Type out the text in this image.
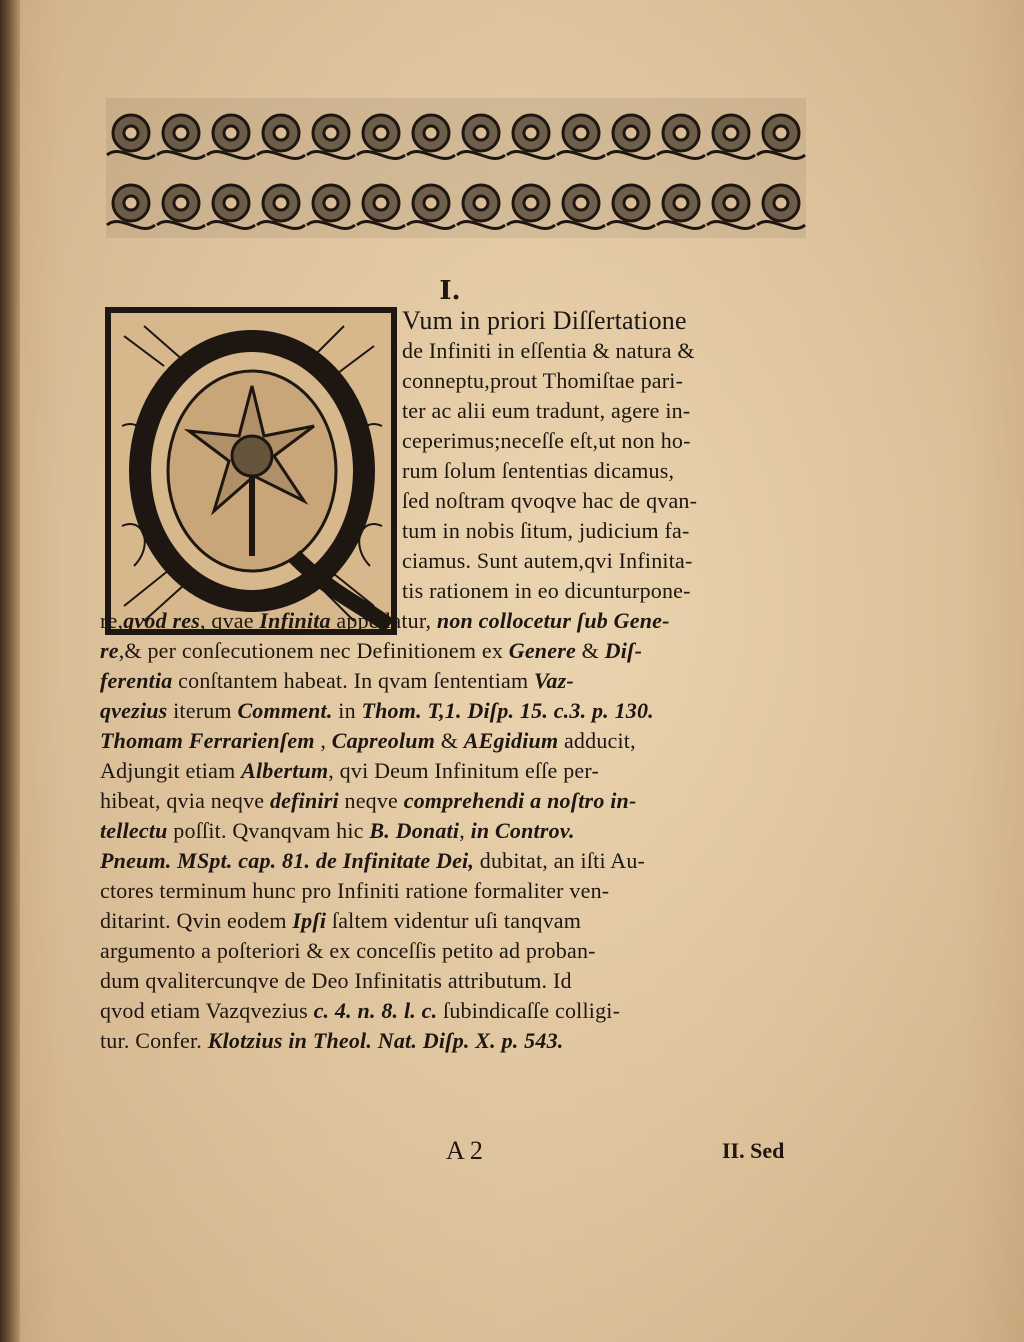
I.
Vum in priori Diſſertatione
de Infiniti in eſſentia & natura &
conneptu,prout Thomiſtae pari-
ter ac alii eum tradunt, agere in-
ceperimus;neceſſe eſt,ut non ho-
rum ſolum ſententias dicamus,
ſed noſtram qvoqve hac de qvan-
tum in nobis ſitum, judicium fa-
ciamus. Sunt autem,qvi Infinita-
tis rationem in eo dicunturpone-
re,qvod res, qvae Infinita appellatur, non collocetur ſub Gene-
re,& per conſecutionem nec Definitionem ex Genere & Diſ-
ferentia conſtantem habeat. In qvam ſententiam Vaz-
qvezius iterum Comment. in Thom. T,1. Diſp. 15. c.3. p. 130.
Thomam Ferrarienſem , Capreolum & AEgidium adducit,
Adjungit etiam Albertum, qvi Deum Infinitum eſſe per-
hibeat, qvia neqve definiri neqve comprehendi a noſtro in-
tellectu poſſit. Qvanqvam hic B. Donati, in Controv.
Pneum. MSpt. cap. 81. de Infinitate Dei, dubitat, an iſti Au-
ctores terminum hunc pro Infiniti ratione formaliter ven-
ditarint. Qvin eodem Ipſi ſaltem videntur uſi tanqvam
argumento a poſteriori & ex conceſſis petito ad proban-
dum qvalitercunqve de Deo Infinitatis attributum. Id
qvod etiam Vazqvezius c. 4. n. 8. l. c. ſubindicaſſe colligi-
tur. Confer. Klotzius in Theol. Nat. Diſp. X. p. 543.
A 2	II. Sed
